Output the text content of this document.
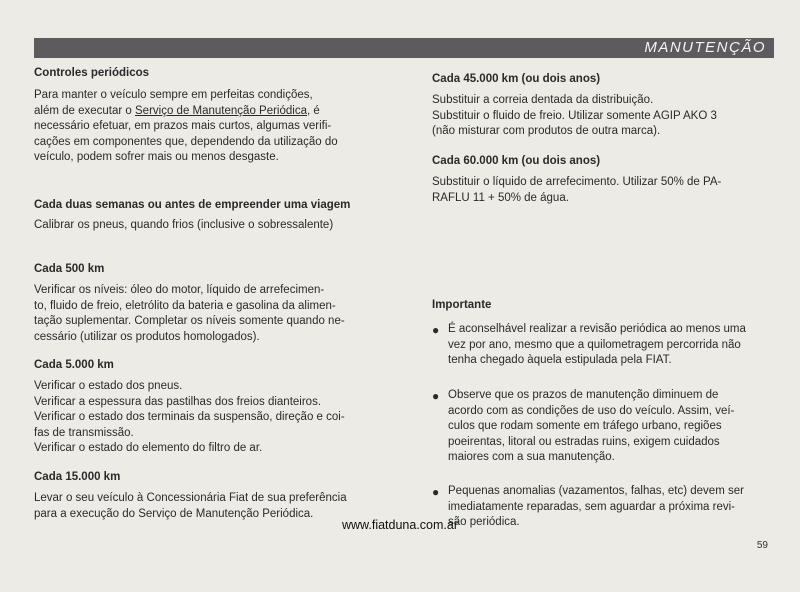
MANUTENÇÃO

Controles periódicos

Para manter o veículo sempre em perfeitas condições,
além de executar o Serviço de Manutenção Periódica, é
necessário efetuar, em prazos mais curtos, algumas verifi-
cações em componentes que, dependendo da utilização do
veículo, podem sofrer mais ou menos desgaste.

Cada duas semanas ou antes de empreender uma viagem

Calibrar os pneus, quando frios (inclusive o sobressalente)

Cada 500 km

Verificar os níveis: óleo do motor, líquido de arrefecimen-
to, fluido de freio, eletrólito da bateria e gasolina da alimen-
tação suplementar. Completar os níveis somente quando ne-
cessário (utilizar os produtos homologados).

Cada 5.000 km

Verificar o estado dos pneus.
Verificar a espessura das pastilhas dos freios dianteiros.
Verificar o estado dos terminais da suspensão, direção e coi-
fas de transmissão.
Verificar o estado do elemento do filtro de ar.

Cada 15.000 km

Levar o seu veículo à Concessionária Fiat de sua preferência
para a execução do Serviço de Manutenção Periódica.

Cada 45.000 km (ou dois anos)

Substituir a correia dentada da distribuição.
Substituir o fluido de freio. Utilizar somente AGIP AKO 3
(não misturar com produtos de outra marca).

Cada 60.000 km (ou dois anos)

Substituir o líquido de arrefecimento. Utilizar 50% de PA-
RAFLU 11 + 50% de água.

Importante

● É aconselhável realizar a revisão periódica ao menos uma
vez por ano, mesmo que a quilometragem percorrida não
tenha chegado àquela estipulada pela FIAT.
● Observe que os prazos de manutenção diminuem de
acordo com as condições de uso do veículo. Assim, veí-
culos que rodam somente em tráfego urbano, regiões
poeirentas, litoral ou estradas ruins, exigem cuidados
maiores com a sua manutenção.
● Pequenas anomalias (vazamentos, falhas, etc) devem ser
imediatamente reparadas, sem aguardar a próxima revi-
são periódica.
www.fiatduna.com.ar
59
